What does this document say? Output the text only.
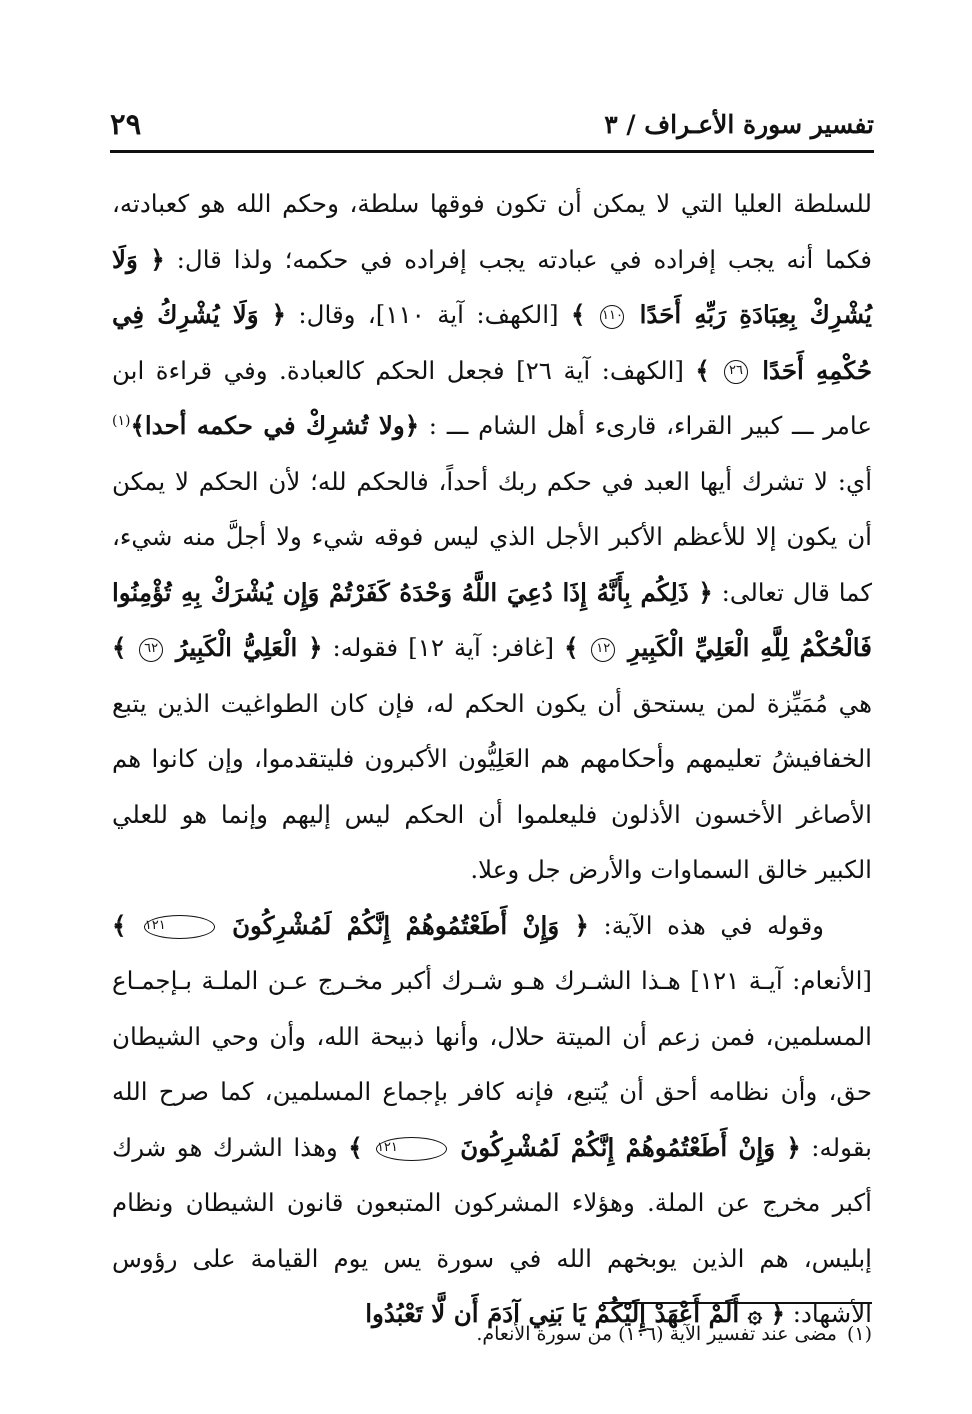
تفسير سورة الأعـراف / ٣
٢٩

للسلطة العليا التي لا يمكن أن تكون فوقها سلطة، وحكم الله هو كعبادته، فكما أنه يجب إفراده في عبادته يجب إفراده في حكمه؛ ولذا قال: ﴿ وَلَا يُشْرِكْ بِعِبَادَةِ رَبِّهِ أَحَدًا ١١٠ ﴾ [الكهف: آية ١١٠]، وقال: ﴿ وَلَا يُشْرِكُ فِي حُكْمِهِ أَحَدًا ٢٦ ﴾ [الكهف: آية ٢٦] فجعل الحكم كالعبادة. وفي قراءة ابن عامر ـــ كبير القراء، قارىء أهل الشام ـــ : ﴿ولا تُشرِكْ في حكمه أحدا﴾$^{(١)}$ أي: لا تشرك أيها العبد في حكم ربك أحداً، فالحكم لله؛ لأن الحكم لا يمكن أن يكون إلا للأعظم الأكبر الأجل الذي ليس فوقه شيء ولا أجلَّ منه شيء، كما قال تعالى: ﴿ ذَلِكُم بِأَنَّهُ إِذَا دُعِيَ اللَّهُ وَحْدَهُ كَفَرْتُمْ وَإِن يُشْرَكْ بِهِ تُؤْمِنُوا فَالْحُكْمُ لِلَّهِ الْعَلِيِّ الْكَبِيرِ ١٢ ﴾ [غافر: آية ١٢] فقوله: ﴿ الْعَلِيُّ الْكَبِيرُ ٦٢ ﴾ هي مُمَيِّزة لمن يستحق أن يكون الحكم له، فإن كان الطواغيت الذين يتبع الخفافيشُ تعليمهم وأحكامهم هم العَلِيُّون الأكبرون فليتقدموا، وإن كانوا هم الأصاغر الأخسون الأذلون فليعلموا أن الحكم ليس إليهم وإنما هو للعلي الكبير خالق السماوات والأرض جل وعلا.

وقوله في هذه الآية: ﴿ وَإِنْ أَطَعْتُمُوهُمْ إِنَّكُمْ لَمُشْرِكُونَ ١٢١ ﴾ [الأنعام: آيـة ١٢١] هـذا الشـرك هـو شـرك أكبر مخـرج عـن الملـة بـإجمـاع المسلمين، فمن زعم أن الميتة حلال، وأنها ذبيحة الله، وأن وحي الشيطان حق، وأن نظامه أحق أن يُتبع، فإنه كافر بإجماع المسلمين، كما صرح الله بقوله: ﴿ وَإِنْ أَطَعْتُمُوهُمْ إِنَّكُمْ لَمُشْرِكُونَ ١٢١ ﴾ وهذا الشرك هو شرك أكبر مخرج عن الملة. وهؤلاء المشركون المتبعون قانون الشيطان ونظام إبليس، هم الذين يوبخهم الله في سورة يس يوم القيامة على رؤوس الأشهاد: ﴿ ۞ أَلَمْ أَعْهَدْ إِلَيْكُمْ يَا بَنِي آدَمَ أَن لَّا تَعْبُدُوا

(١)مضى عند تفسير الآية (١٠٦) من سورة الأنعام.
